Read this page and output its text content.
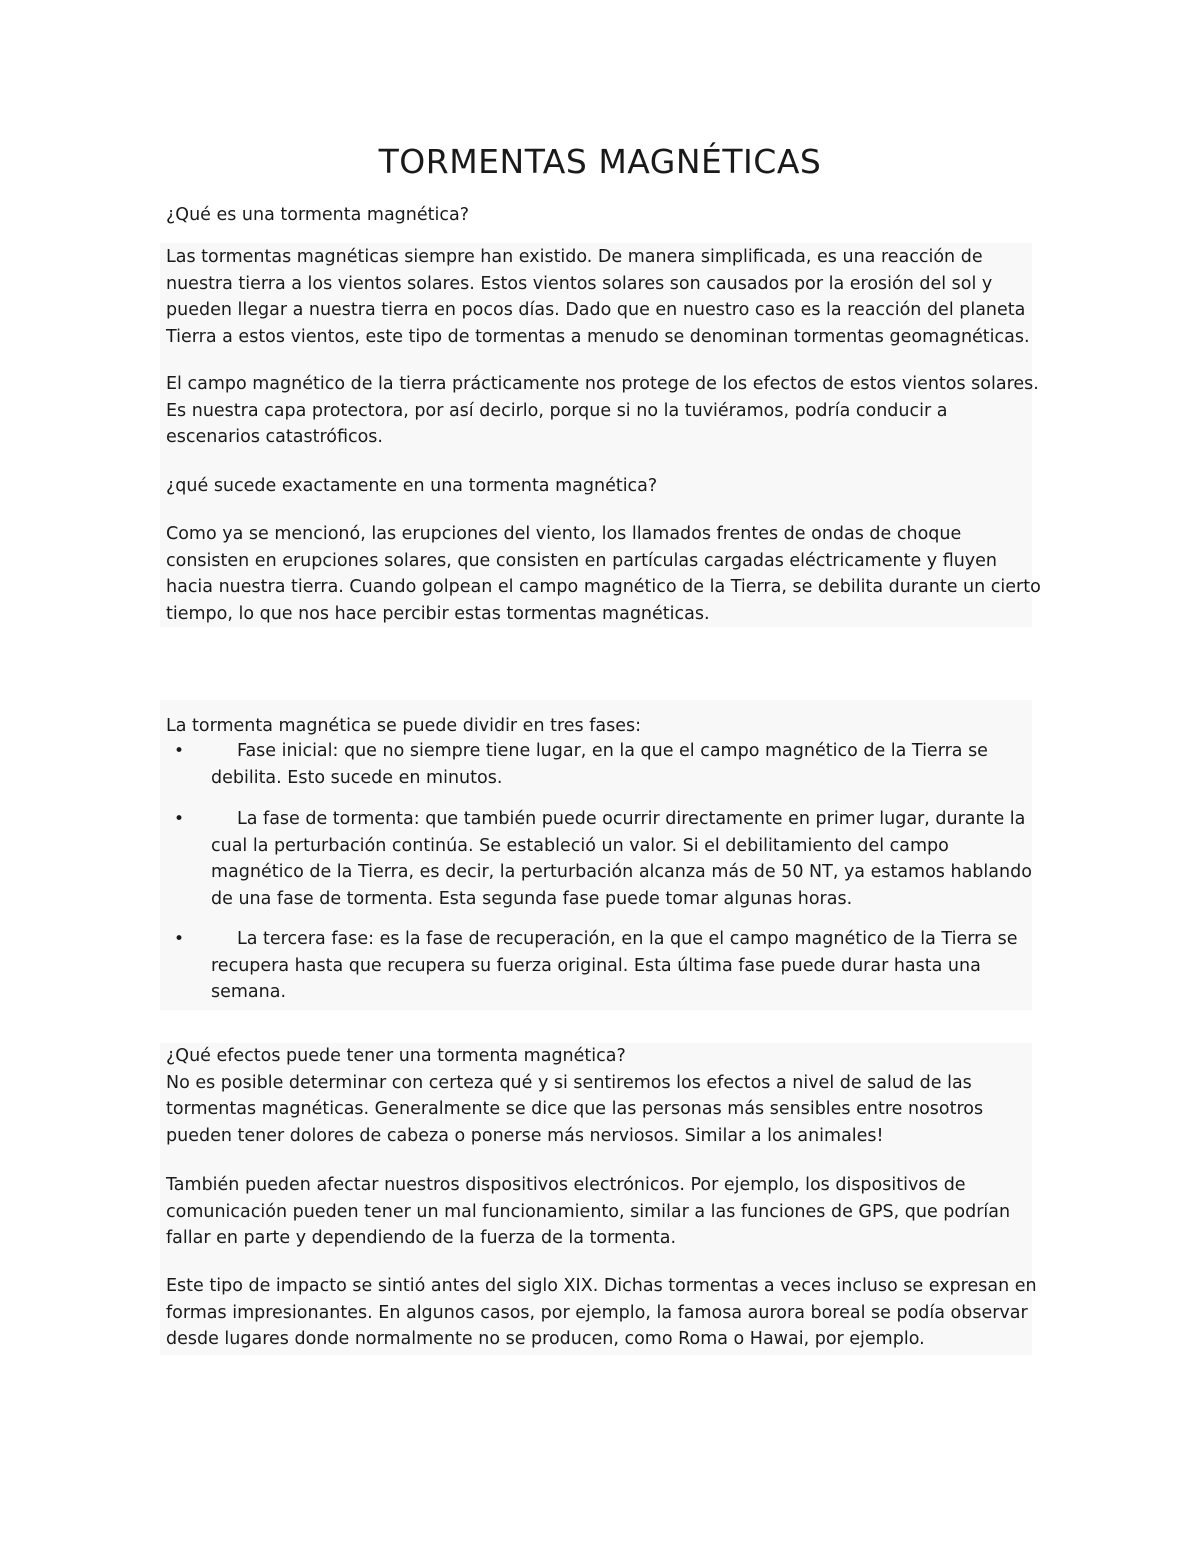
TORMENTAS MAGNÉTICAS
¿Qué es una tormenta magnética?
Las tormentas magnéticas siempre han existido. De manera simplificada, es una reacción de
nuestra tierra a los vientos solares. Estos vientos solares son causados por la erosión del sol y
pueden llegar a nuestra tierra en pocos días. Dado que en nuestro caso es la reacción del planeta
Tierra a estos vientos, este tipo de tormentas a menudo se denominan tormentas geomagnéticas.
El campo magnético de la tierra prácticamente nos protege de los efectos de estos vientos solares.
Es nuestra capa protectora, por así decirlo, porque si no la tuviéramos, podría conducir a
escenarios catastróficos.
¿qué sucede exactamente en una tormenta magnética?
Como ya se mencionó, las erupciones del viento, los llamados frentes de ondas de choque
consisten en erupciones solares, que consisten en partículas cargadas eléctricamente y fluyen
hacia nuestra tierra. Cuando golpean el campo magnético de la Tierra, se debilita durante un cierto
tiempo, lo que nos hace percibir estas tormentas magnéticas.
La tormenta magnética se puede dividir en tres fases:
•	Fase inicial: que no siempre tiene lugar, en la que el campo magnético de la Tierra se
debilita. Esto sucede en minutos.
•	La fase de tormenta: que también puede ocurrir directamente en primer lugar, durante la
cual la perturbación continúa. Se estableció un valor. Si el debilitamiento del campo
magnético de la Tierra, es decir, la perturbación alcanza más de 50 NT, ya estamos hablando
de una fase de tormenta. Esta segunda fase puede tomar algunas horas.
•	La tercera fase: es la fase de recuperación, en la que el campo magnético de la Tierra se
recupera hasta que recupera su fuerza original. Esta última fase puede durar hasta una
semana.
¿Qué efectos puede tener una tormenta magnética?
No es posible determinar con certeza qué y si sentiremos los efectos a nivel de salud de las
tormentas magnéticas. Generalmente se dice que las personas más sensibles entre nosotros
pueden tener dolores de cabeza o ponerse más nerviosos. Similar a los animales!
También pueden afectar nuestros dispositivos electrónicos. Por ejemplo, los dispositivos de
comunicación pueden tener un mal funcionamiento, similar a las funciones de GPS, que podrían
fallar en parte y dependiendo de la fuerza de la tormenta.
Este tipo de impacto se sintió antes del siglo XIX. Dichas tormentas a veces incluso se expresan en
formas impresionantes. En algunos casos, por ejemplo, la famosa aurora boreal se podía observar
desde lugares donde normalmente no se producen, como Roma o Hawai, por ejemplo.
